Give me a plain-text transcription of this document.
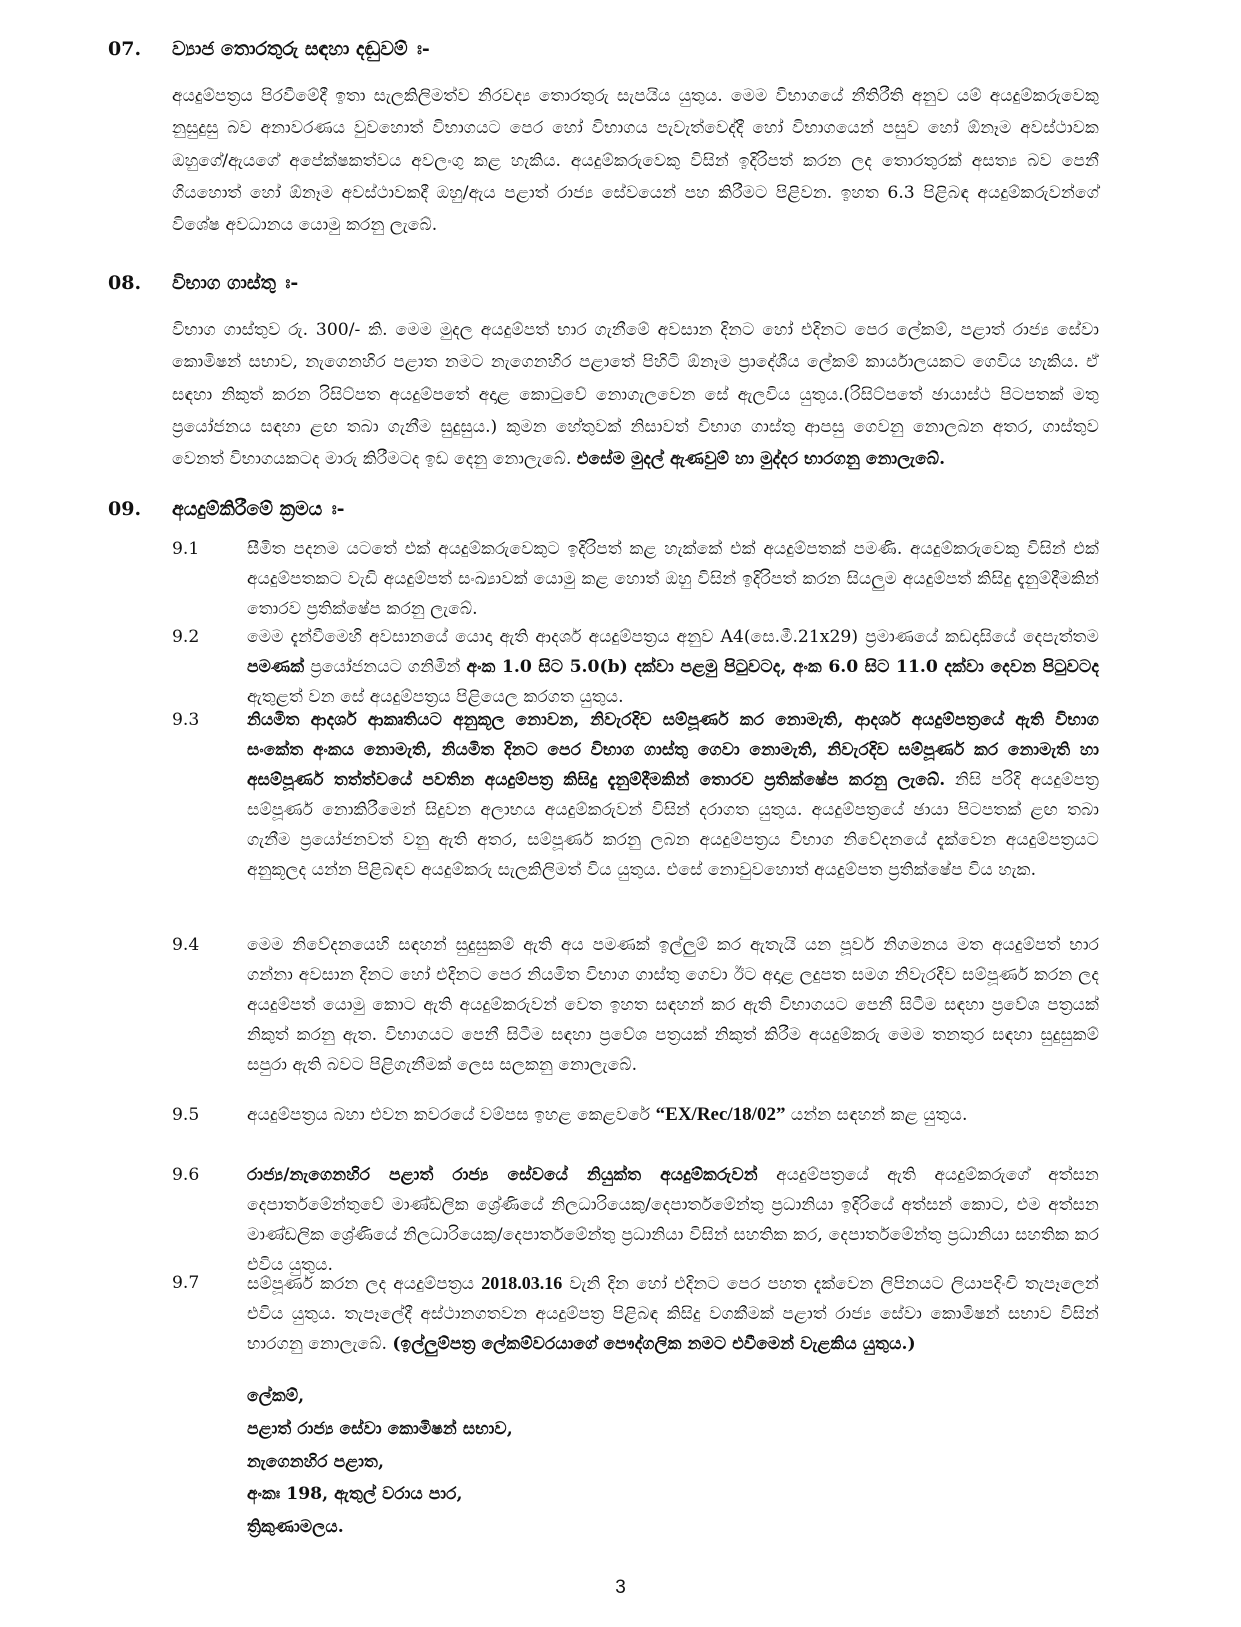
07. ව්‍යාජ තොරතුරු සඳහා දඬුවම් ඃ-

අයදුම්පත්‍රය පිරවීමේදී ඉතා සැලකිලිමත්ව නිරවද්‍ය තොරතුරු සැපයිය යුතුය. මෙම විභාගයේ නීතිරීති අනුව යම් අයදුම්කරුවෙකු නුසුදුසු බව අනාවරණය වුවහොත් විභාගයට පෙර හෝ විභාගය පැවැත්වෙද්දී හෝ විභාගයෙන් පසුව හෝ ඕනෑම අවස්ථාවක ඔහුගේ/ඇයගේ අපේක්ෂකත්වය අවලංගු කළ හැකිය. අයදුම්කරුවෙකු විසින් ඉදිරිපත් කරන ලද තොරතුරක් අසත්‍ය බව පෙනී ගියහොත් හෝ ඕනෑම අවස්ථාවකදී ඔහු/ඇය පළාත් රාජ්‍ය සේවයෙන් පහ කිරීමට පිළිවන. ඉහත 6.3 පිළිබඳ අයදුම්කරුවන්ගේ විශේෂ අවධානය යොමු කරනු ලැබේ.

08. විභාග ගාස්තු ඃ-

විභාග ගාස්තුව රු. 300/- කි. මෙම මුදල අයදුම්පත් භාර ගැනීමේ අවසාන දිනට හෝ එදිනට පෙර ලේකම්, පළාත් රාජ්‍ය සේවා කොමිෂන් සභාව, නැගෙනහිර පළාත නමට නැගෙනහිර පළාතේ පිහිටි ඕනෑම ප්‍රාදේශීය ලේකම් කාර්යාලයකට ගෙවිය හැකිය. ඒ සඳහා නිකුත් කරන රිසිට්පත අයදුම්පතේ අදාළ කොටුවේ නොගැලවෙන සේ ඇලවිය යුතුය.(රිසිට්පතේ ඡායාස්ථ පිටපතක් මතු ප්‍රයෝජනය සඳහා ළඟ තබා ගැනීම සුදුසුය.) කුමන හේතුවක් නිසාවත් විභාග ගාස්තු ආපසු ගෙවනු නොලබන අතර, ගාස්තුව වෙනත් විභාගයකටද මාරු කිරීමටද ඉඩ දෙනු නොලැබේ. එසේම මුදල් ඇණවුම් හා මුද්දර භාරගනු නොලැබේ.

09. අයදුම්කිරීමේ ක්‍රමය ඃ-
9.1	සීමිත පදනම යටතේ එක් අයදුම්කරුවෙකුට ඉදිරිපත් කළ හැක්කේ එක් අයදුම්පතක් පමණි. අයදුම්කරුවෙකු විසින් එක් අයදුම්පතකට වැඩි අයදුම්පත් සංඛ්‍යාවක් යොමු කළ හොත් ඔහු විසින් ඉදිරිපත් කරන සියලුම අයදුම්පත් කිසිදු දැනුම්දීමකින් තොරව ප්‍රතික්ෂේප කරනු ලැබේ.

9.2	මෙම දැන්වීමෙහි අවසානයේ යොදා ඇති ආදර්ශ අයදුම්පත්‍රය අනුව A4(සෙ.මී.21x29) ප්‍රමාණයේ කඩදාසියේ දෙපැත්තම පමණක් ප්‍රයෝජනයට ගනිමින් අංක 1.0 සිට 5.0(b) දක්වා පළමු පිටුවටද, අංක 6.0 සිට 11.0 දක්වා දෙවන පිටුවටද ඇතුළත් වන සේ අයදුම්පත්‍රය පිළියෙල කරගත යුතුය.

9.3	නියමිත ආදර්ශ ආකෘතියට අනුකූල නොවන, නිවැරදිව සම්පූර්ණ කර නොමැති, ආදර්ශ අයදුම්පත්‍රයේ ඇති විභාග සංකේත අංකය නොමැති, නියමිත දිනට පෙර විභාග ගාස්තු ගෙවා නොමැති, නිවැරදිව සම්පූර්ණ කර නොමැති හා අසම්පූර්ණ තත්ත්වයේ පවතින අයදුම්පත්‍ර කිසිදු දැනුම්දීමකින් තොරව ප්‍රතික්ෂේප කරනු ලැබේ. නිසි පරිදි අයදුම්පත්‍ර සම්පූර්ණ නොකිරීමෙන් සිදුවන අලාභය අයදුම්කරුවන් විසින් දරාගත යුතුය. අයදුම්පත්‍රයේ ඡායා පිටපතක් ළඟ තබා ගැනීම ප්‍රයෝජනවත් වනු ඇති අතර, සම්පූර්ණ කරනු ලබන අයදුම්පත්‍රය විභාග නිවේදනයේ දැක්වෙන අයදුම්පත්‍රයට අනුකූලද යන්න පිළිබඳව අයදුම්කරු සැලකිලිමත් විය යුතුය. එසේ නොවුවහොත් අයදුම්පත ප්‍රතික්ෂේප විය හැක.

9.4	මෙම නිවේදනයෙහි සඳහන් සුදුසුකම් ඇති අය පමණක් ඉල්ලුම් කර ඇතැයි යන පූර්ව නිගමනය මත අයදුම්පත් භාර ගන්නා අවසාන දිනට හෝ එදිනට පෙර නියමිත විභාග ගාස්තු ගෙවා ඊට අදාළ ලදුපත සමග නිවැරදිව සම්පූර්ණ කරන ලද අයදුම්පත් යොමු කොට ඇති අයදුම්කරුවන් වෙත ඉහත සඳහන් කර ඇති විභාගයට පෙනී සිටීම සඳහා ප්‍රවේශ පත්‍රයක් නිකුත් කරනු ඇත. විභාගයට පෙනී සිටීම සඳහා ප්‍රවේශ පත්‍රයක් නිකුත් කිරීම අයදුම්කරු මෙම තනතුර සඳහා සුදුසුකම් සපුරා ඇති බවට පිළිගැනීමක් ලෙස සලකනු නොලැබේ.

9.5	අයදුම්පත්‍රය බහා එවන කවරයේ වම්පස ඉහළ කෙළවරේ “EX/Rec/18/02” යන්න සඳහන් කළ යුතුය.

9.6	රාජ්‍ය/නැගෙනහිර පළාත් රාජ්‍ය සේවයේ නියුක්ත අයදුම්කරුවන් අයදුම්පත්‍රයේ ඇති අයදුම්කරුගේ අත්සන දෙපාර්තමේන්තුවේ මාණ්ඩලික ශ්‍රේණියේ නිලධාරියෙකු/දෙපාර්තමේන්තු ප්‍රධානියා ඉදිරියේ අත්සන් කොට, එම අත්සන මාණ්ඩලික ශ්‍රේණියේ නිලධාරියෙකු/දෙපාර්තමේන්තු ප්‍රධානියා විසින් සහතික කර, දෙපාර්තමේන්තු ප්‍රධානියා සහතික කර එවිය යුතුය.

9.7	සම්පූර්ණ කරන ලද අයදුම්පත්‍රය 2018.03.16 වැනි දින හෝ එදිනට පෙර පහත දැක්වෙන ලිපිනයට ලියාපදිංචි තැපෑලෙන් එවිය යුතුය. තැපෑලේදී අස්ථානගතවන අයදුම්පත්‍ර පිළිබඳ කිසිදු වගකීමක් පළාත් රාජ්‍ය සේවා කොමිෂන් සභාව විසින් භාරගනු නොලැබේ. (ඉල්ලුම්පත්‍ර ලේකම්වරයාගේ පෞද්ගලික නමට එවීමෙන් වැළකිය යුතුය.)

ලේකම්,
පළාත් රාජ්‍ය සේවා කොමිෂන් සභාව,
නැගෙනහිර පළාත,
අංකඃ 198, ඇතුල් වරාය පාර,
ත්‍රිකුණාමලය.
3
